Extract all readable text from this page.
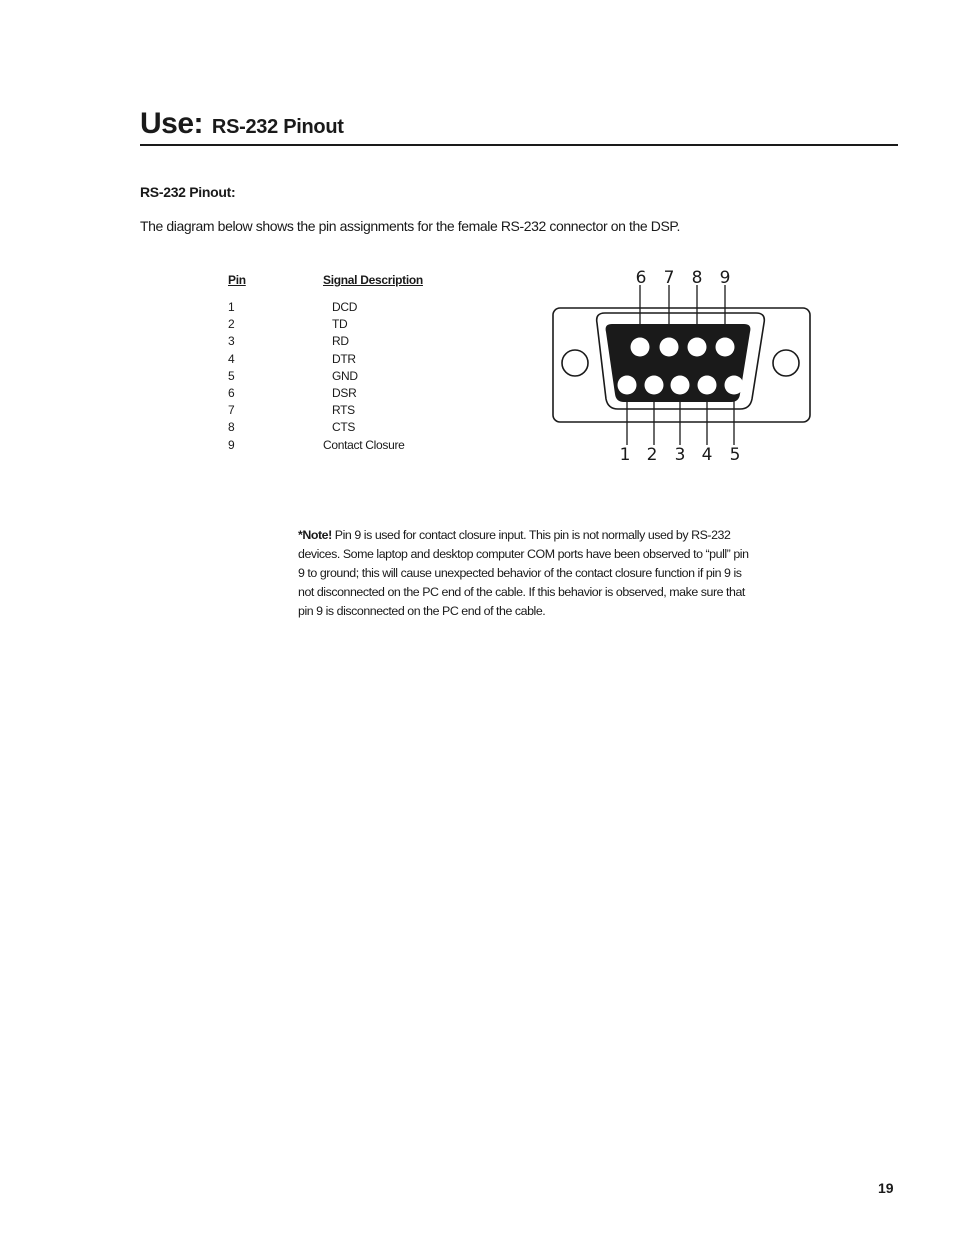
Use: RS-232 Pinout
RS-232 Pinout:

The diagram below shows the pin assignments for the female RS-232 connector on the DSP.

Pin	Signal Description
1	DCD
2	TD
3	RD
4	DTR
5	GND
6	DSR
7	RTS
8	CTS
9	Contact Closure
6 7 8 9
1 2 3 4 5

*Note! Pin 9 is used for contact closure input. This pin is not normally used by RS-232 devices. Some laptop and desktop computer COM ports have been observed to “pull” pin 9 to ground; this will cause unexpected behavior of the contact closure function if pin 9 is not disconnected on the PC end of the cable. If this behavior is observed, make sure that pin 9 is disconnected on the PC end of the cable.

19
